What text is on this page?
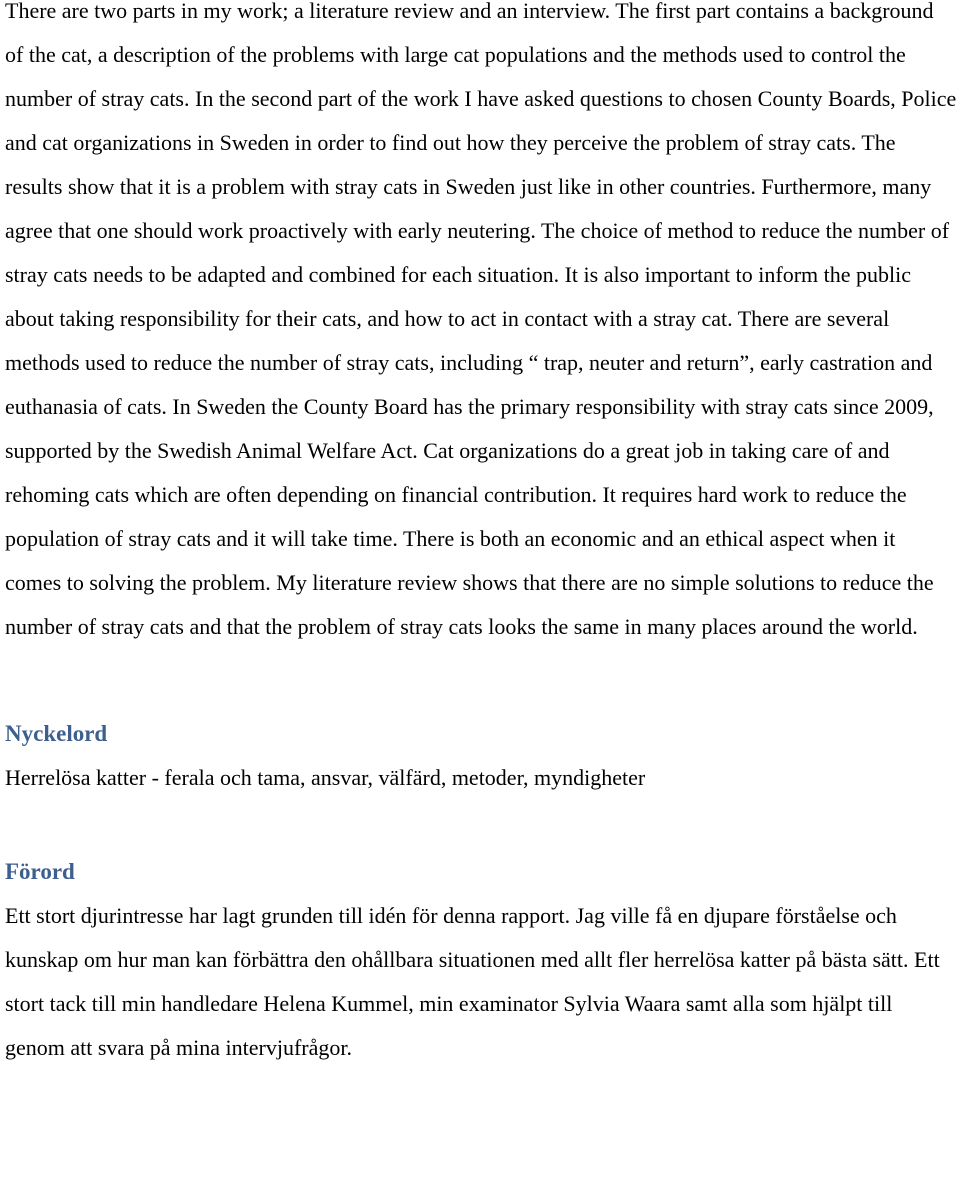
There are two parts in my work; a literature review and an interview. The first part contains a background of the cat, a description of the problems with large cat populations and the methods used to control the number of stray cats. In the second part of the work I have asked questions to chosen County Boards, Police and cat organizations in Sweden in order to find out how they perceive the problem of stray cats. The results show that it is a problem with stray cats in Sweden just like in other countries. Furthermore, many agree that one should work proactively with early neutering. The choice of method to reduce the number of stray cats needs to be adapted and combined for each situation. It is also important to inform the public about taking responsibility for their cats, and how to act in contact with a stray cat. There are several methods used to reduce the number of stray cats, including “ trap, neuter and return”, early castration and euthanasia of cats. In Sweden the County Board has the primary responsibility with stray cats since 2009, supported by the Swedish Animal Welfare Act. Cat organizations do a great job in taking care of and rehoming cats which are often depending on financial contribution. It requires hard work to reduce the population of stray cats and it will take time. There is both an economic and an ethical aspect when it comes to solving the problem. My literature review shows that there are no simple solutions to reduce the number of stray cats and that the problem of stray cats looks the same in many places around the world.

Nyckelord

Herrelösa katter - ferala och tama, ansvar, välfärd, metoder, myndigheter

Förord

Ett stort djurintresse har lagt grunden till idén för denna rapport. Jag ville få en djupare förståelse och kunskap om hur man kan förbättra den ohållbara situationen med allt fler herrelösa katter på bästa sätt. Ett stort tack till min handledare Helena Kummel, min examinator Sylvia Waara samt alla som hjälpt till genom att svara på mina intervjufrågor.
